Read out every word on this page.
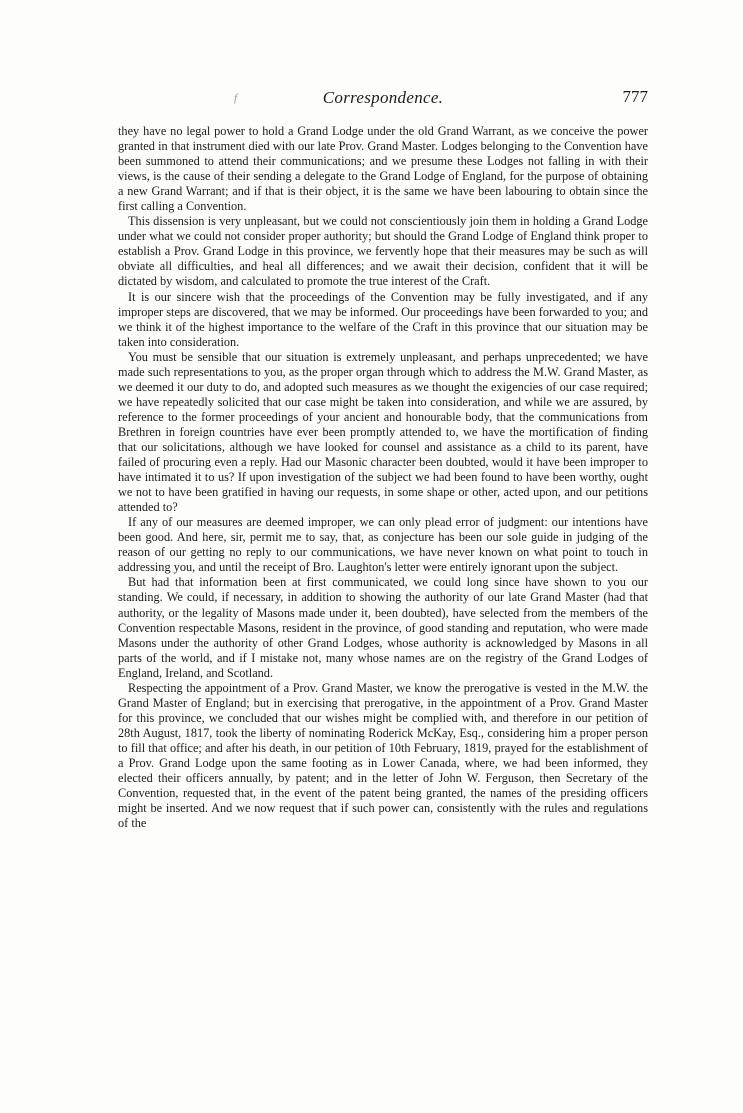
f	Correspondence.	777

they have no legal power to hold a Grand Lodge under the old Grand Warrant, as we conceive the power granted in that instrument died with our late Prov. Grand Master. Lodges belonging to the Convention have been summoned to attend their communications; and we presume these Lodges not falling in with their views, is the cause of their sending a delegate to the Grand Lodge of England, for the purpose of obtaining a new Grand Warrant; and if that is their object, it is the same we have been labouring to obtain since the first calling a Convention.

This dissension is very unpleasant, but we could not conscientiously join them in holding a Grand Lodge under what we could not consider proper authority; but should the Grand Lodge of England think proper to establish a Prov. Grand Lodge in this province, we fervently hope that their measures may be such as will obviate all difficulties, and heal all differences; and we await their decision, confident that it will be dictated by wisdom, and calculated to promote the true interest of the Craft.

It is our sincere wish that the proceedings of the Convention may be fully investigated, and if any improper steps are discovered, that we may be informed. Our proceedings have been forwarded to you; and we think it of the highest importance to the welfare of the Craft in this province that our situation may be taken into consideration.

You must be sensible that our situation is extremely unpleasant, and perhaps unprecedented; we have made such representations to you, as the proper organ through which to address the M.W. Grand Master, as we deemed it our duty to do, and adopted such measures as we thought the exigencies of our case required; we have repeatedly solicited that our case might be taken into consideration, and while we are assured, by reference to the former proceedings of your ancient and honourable body, that the communications from Brethren in foreign countries have ever been promptly attended to, we have the mortification of finding that our solicitations, although we have looked for counsel and assistance as a child to its parent, have failed of procuring even a reply. Had our Masonic character been doubted, would it have been improper to have intimated it to us? If upon investigation of the subject we had been found to have been worthy, ought we not to have been gratified in having our requests, in some shape or other, acted upon, and our petitions attended to?

If any of our measures are deemed improper, we can only plead error of judgment: our intentions have been good. And here, sir, permit me to say, that, as conjecture has been our sole guide in judging of the reason of our getting no reply to our communications, we have never known on what point to touch in addressing you, and until the receipt of Bro. Laughton's letter were entirely ignorant upon the subject.

But had that information been at first communicated, we could long since have shown to you our standing. We could, if necessary, in addition to showing the authority of our late Grand Master (had that authority, or the legality of Masons made under it, been doubted), have selected from the members of the Convention respectable Masons, resident in the province, of good standing and reputation, who were made Masons under the authority of other Grand Lodges, whose authority is acknowledged by Masons in all parts of the world, and if I mistake not, many whose names are on the registry of the Grand Lodges of England, Ireland, and Scotland.

Respecting the appointment of a Prov. Grand Master, we know the prerogative is vested in the M.W. the Grand Master of England; but in exercising that prerogative, in the appointment of a Prov. Grand Master for this province, we concluded that our wishes might be complied with, and therefore in our petition of 28th August, 1817, took the liberty of nominating Roderick McKay, Esq., considering him a proper person to fill that office; and after his death, in our petition of 10th February, 1819, prayed for the establishment of a Prov. Grand Lodge upon the same footing as in Lower Canada, where, we had been informed, they elected their officers annually, by patent; and in the letter of John W. Ferguson, then Secretary of the Convention, requested that, in the event of the patent being granted, the names of the presiding officers might be inserted. And we now request that if such power can, consistently with the rules and regulations of the
